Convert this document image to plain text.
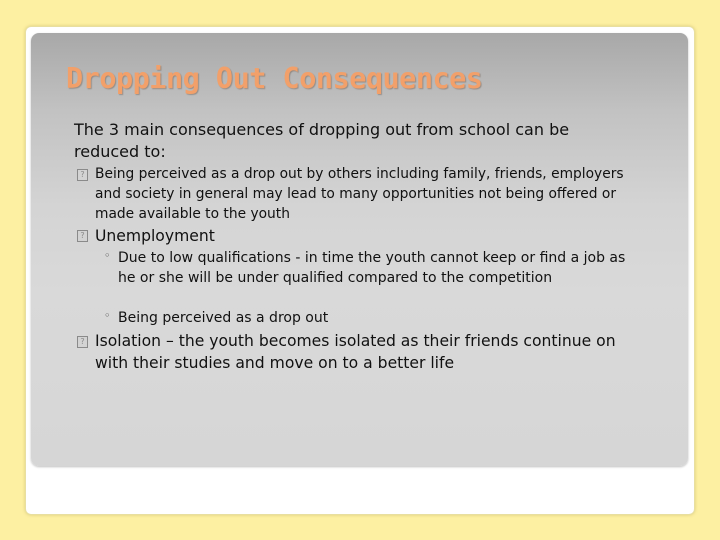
Dropping Out Consequences

The 3 main consequences of dropping out from school can be reduced to:

? Being perceived as a drop out by others including family, friends, employers and society in general may lead to many opportunities not being offered or made available to the youth

? Unemployment

◦ Due to low qualifications - in time the youth cannot keep or find a job as he or she will be under qualified compared to the competition

◦ Being perceived as a drop out

? Isolation – the youth becomes isolated as their friends continue on with their studies and move on to a better life
